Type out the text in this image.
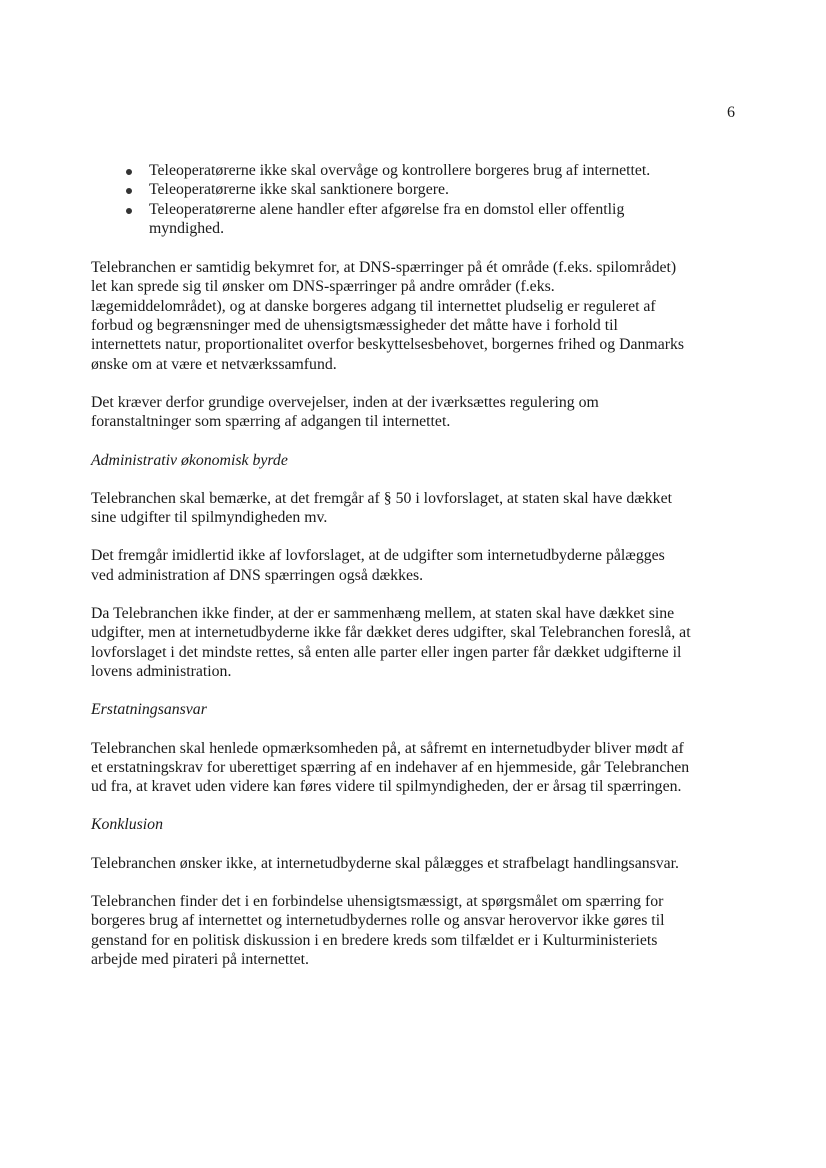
6
Teleoperatørerne ikke skal overvåge og kontrollere borgeres brug af internettet.
Teleoperatørerne ikke skal sanktionere borgere.
Teleoperatørerne alene handler efter afgørelse fra en domstol eller offentlig myndighed.

Telebranchen er samtidig bekymret for, at DNS-spærringer på ét område (f.eks. spilområdet) let kan sprede sig til ønsker om DNS-spærringer på andre områder (f.eks. lægemiddelområdet), og at danske borgeres adgang til internettet pludselig er reguleret af forbud og begrænsninger med de uhensigtsmæssigheder det måtte have i forhold til internettets natur, proportionalitet overfor beskyttelsesbehovet, borgernes frihed og Danmarks ønske om at være et netværkssamfund.

Det kræver derfor grundige overvejelser, inden at der iværksættes regulering om foranstaltninger som spærring af adgangen til internettet.

Administrativ økonomisk byrde

Telebranchen skal bemærke, at det fremgår af § 50 i lovforslaget, at staten skal have dækket sine udgifter til spilmyndigheden mv.

Det fremgår imidlertid ikke af lovforslaget, at de udgifter som internetudbyderne pålægges ved administration af DNS spærringen også dækkes.

Da Telebranchen ikke finder, at der er sammenhæng mellem, at staten skal have dækket sine udgifter, men at internetudbyderne ikke får dækket deres udgifter, skal Telebranchen foreslå, at lovforslaget i det mindste rettes, så enten alle parter eller ingen parter får dækket udgifterne il lovens administration.

Erstatningsansvar

Telebranchen skal henlede opmærksomheden på, at såfremt en internetudbyder bliver mødt af et erstatningskrav for uberettiget spærring af en indehaver af en hjemmeside, går Telebranchen ud fra, at kravet uden videre kan føres videre til spilmyndigheden, der er årsag til spærringen.

Konklusion

Telebranchen ønsker ikke, at internetudbyderne skal pålægges et strafbelagt handlingsansvar.

Telebranchen finder det i en forbindelse uhensigtsmæssigt, at spørgsmålet om spærring for borgeres brug af internettet og internetudbydernes rolle og ansvar herovervor ikke gøres til genstand for en politisk diskussion i en bredere kreds som tilfældet er i Kulturministeriets arbejde med pirateri på internettet.
